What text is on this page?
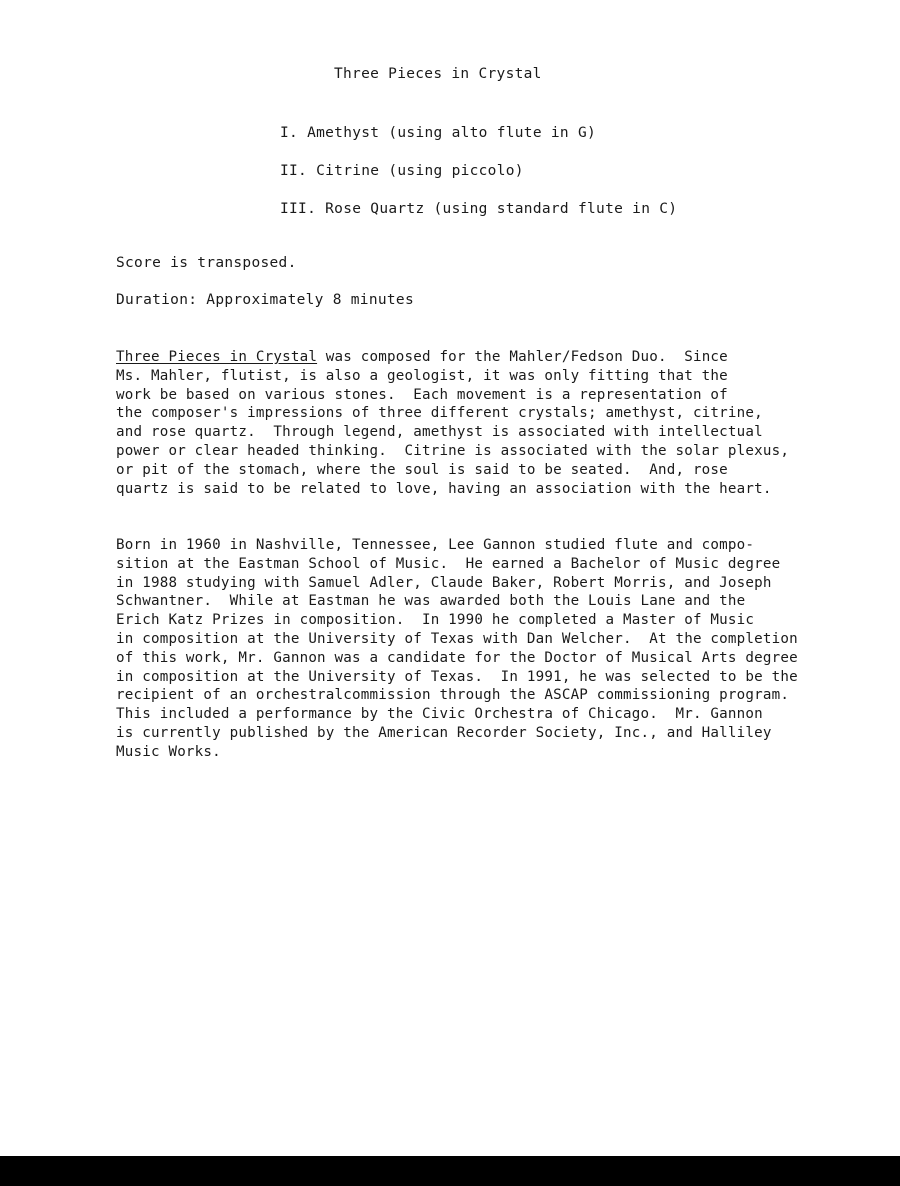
Three Pieces in Crystal
I. Amethyst (using alto flute in G)
II. Citrine (using piccolo)
III. Rose Quartz (using standard flute in C)
Score is transposed.
Duration: Approximately 8 minutes
Three Pieces in Crystal was composed for the Mahler/Fedson Duo.  Since
Ms. Mahler, flutist, is also a geologist, it was only fitting that the
work be based on various stones.  Each movement is a representation of
the composer's impressions of three different crystals; amethyst, citrine,
and rose quartz.  Through legend, amethyst is associated with intellectual
power or clear headed thinking.  Citrine is associated with the solar plexus,
or pit of the stomach, where the soul is said to be seated.  And, rose
quartz is said to be related to love, having an association with the heart.
Born in 1960 in Nashville, Tennessee, Lee Gannon studied flute and compo-
sition at the Eastman School of Music.  He earned a Bachelor of Music degree
in 1988 studying with Samuel Adler, Claude Baker, Robert Morris, and Joseph
Schwantner.  While at Eastman he was awarded both the Louis Lane and the
Erich Katz Prizes in composition.  In 1990 he completed a Master of Music
in composition at the University of Texas with Dan Welcher.  At the completion
of this work, Mr. Gannon was a candidate for the Doctor of Musical Arts degree
in composition at the University of Texas.  In 1991, he was selected to be the
recipient of an orchestralcommission through the ASCAP commissioning program.
This included a performance by the Civic Orchestra of Chicago.  Mr. Gannon
is currently published by the American Recorder Society, Inc., and Halliley
Music Works.
